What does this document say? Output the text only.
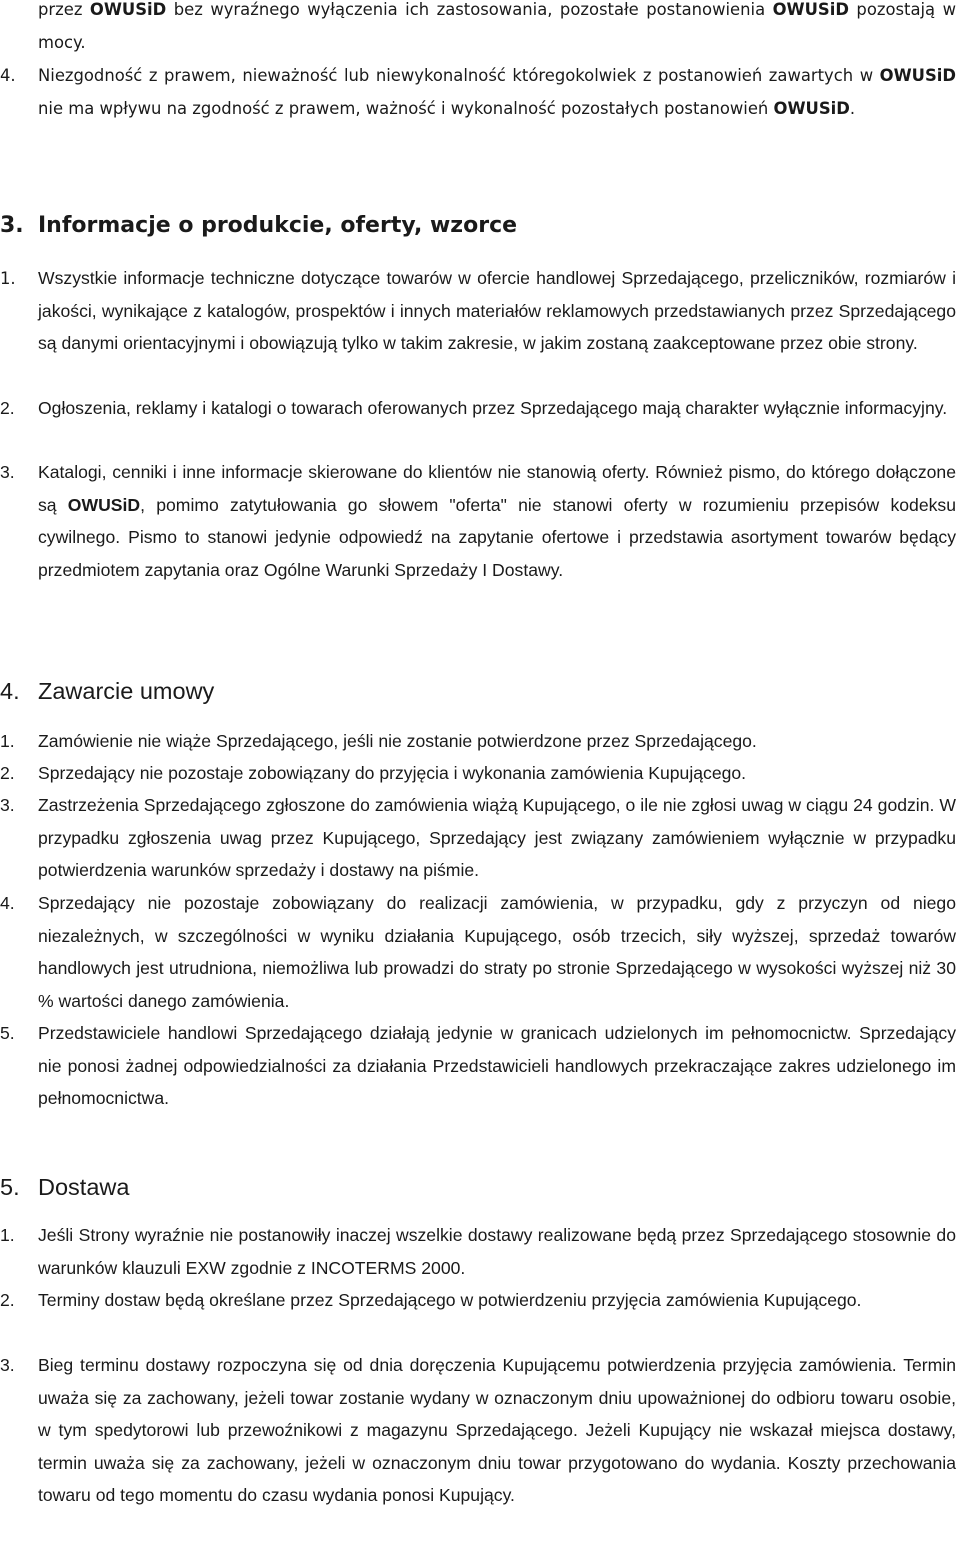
przez OWUSiD bez wyraźnego wyłączenia ich zastosowania, pozostałe postanowienia OWUSiD pozostają w mocy.

4.	Niezgodność z prawem, nieważność lub niewykonalność któregokolwiek z postanowień zawartych w OWUSiD nie ma wpływu na zgodność z prawem, ważność i wykonalność pozostałych postanowień OWUSiD.

3. Informacje o produkcie, oferty, wzorce
1.	Wszystkie informacje techniczne dotyczące towarów w ofercie handlowej Sprzedającego, przeliczników, rozmiarów i jakości, wynikające z katalogów, prospektów i innych materiałów reklamowych przedstawianych przez Sprzedającego są danymi orientacyjnymi i obowiązują tylko w takim zakresie, w jakim zostaną zaakceptowane przez obie strony.

2.	Ogłoszenia, reklamy i katalogi o towarach oferowanych przez Sprzedającego mają charakter wyłącznie informacyjny.

3.	Katalogi, cenniki i inne informacje skierowane do klientów nie stanowią oferty. Również pismo, do którego dołączone są OWUSiD, pomimo zatytułowania go słowem "oferta" nie stanowi oferty w rozumieniu przepisów kodeksu cywilnego. Pismo to stanowi jedynie odpowiedź na zapytanie ofertowe i przedstawia asortyment towarów będący przedmiotem zapytania oraz Ogólne Warunki Sprzedaży I Dostawy.

4. Zawarcie umowy
1.	Zamówienie nie wiąże Sprzedającego, jeśli nie zostanie potwierdzone przez Sprzedającego.

2.	Sprzedający nie pozostaje zobowiązany do przyjęcia i wykonania zamówienia Kupującego.

3.	Zastrzeżenia Sprzedającego zgłoszone do zamówienia wiążą Kupującego, o ile nie zgłosi uwag w ciągu 24 godzin. W przypadku zgłoszenia uwag przez Kupującego, Sprzedający jest związany zamówieniem wyłącznie w przypadku potwierdzenia warunków sprzedaży i dostawy na piśmie.

4.	Sprzedający nie pozostaje zobowiązany do realizacji zamówienia, w przypadku, gdy z przyczyn od niego niezależnych, w szczególności w wyniku działania Kupującego, osób trzecich, siły wyższej, sprzedaż towarów handlowych jest utrudniona, niemożliwa lub prowadzi do straty po stronie Sprzedającego w wysokości wyższej niż 30 % wartości danego zamówienia.

5.	Przedstawiciele handlowi Sprzedającego działają jedynie w granicach udzielonych im pełnomocnictw. Sprzedający nie ponosi żadnej odpowiedzialności za działania Przedstawicieli handlowych przekraczające zakres udzielonego im pełnomocnictwa.

5. Dostawa
1.	Jeśli Strony wyraźnie nie postanowiły inaczej wszelkie dostawy realizowane będą przez Sprzedającego stosownie do warunków klauzuli EXW zgodnie z INCOTERMS 2000.

2.	Terminy dostaw będą określane przez Sprzedającego w potwierdzeniu przyjęcia zamówienia Kupującego.

3.	Bieg terminu dostawy rozpoczyna się od dnia doręczenia Kupującemu potwierdzenia przyjęcia zamówienia. Termin uważa się za zachowany, jeżeli towar zostanie wydany w oznaczonym dniu upoważnionej do odbioru towaru osobie, w tym spedytorowi lub przewoźnikowi z magazynu Sprzedającego. Jeżeli Kupujący nie wskazał miejsca dostawy, termin uważa się za zachowany, jeżeli w oznaczonym dniu towar przygotowano do wydania. Koszty przechowania towaru od tego momentu do czasu wydania ponosi Kupujący.
